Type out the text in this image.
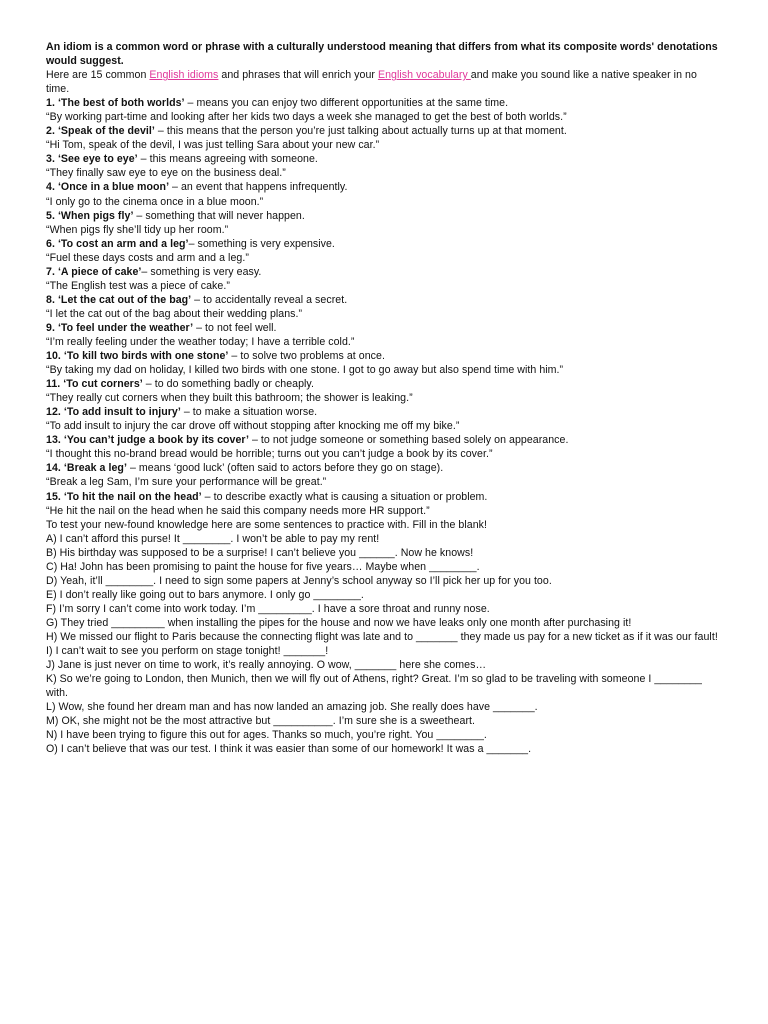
An idiom is a common word or phrase with a culturally understood meaning that differs from what its composite words' denotations would suggest.
Here are 15 common English idioms and phrases that will enrich your English vocabulary and make you sound like a native speaker in no time.
1. ‘The best of both worlds’ – means you can enjoy two different opportunities at the same time.
“By working part-time and looking after her kids two days a week she managed to get the best of both worlds.”
2. ‘Speak of the devil’ – this means that the person you’re just talking about actually turns up at that moment.
“Hi Tom, speak of the devil, I was just telling Sara about your new car.”
3. ‘See eye to eye’ – this means agreeing with someone.
“They finally saw eye to eye on the business deal.”
4. ‘Once in a blue moon’ – an event that happens infrequently.
“I only go to the cinema once in a blue moon.”
5. ‘When pigs fly’ – something that will never happen.
“When pigs fly she’ll tidy up her room.”
6. ‘To cost an arm and a leg’– something is very expensive.
“Fuel these days costs and arm and a leg.”
7. ‘A piece of cake’– something is very easy.
“The English test was a piece of cake.”
8. ‘Let the cat out of the bag’ – to accidentally reveal a secret.
“I let the cat out of the bag about their wedding plans.”
9. ‘To feel under the weather’ – to not feel well.
“I’m really feeling under the weather today; I have a terrible cold.”
10. ‘To kill two birds with one stone’ – to solve two problems at once.
“By taking my dad on holiday, I killed two birds with one stone. I got to go away but also spend time with him.”
11. ‘To cut corners’ – to do something badly or cheaply.
“They really cut corners when they built this bathroom; the shower is leaking.”
12. ‘To add insult to injury’ – to make a situation worse.
“To add insult to injury the car drove off without stopping after knocking me off my bike.”
13. ‘You can’t judge a book by its cover’ – to not judge someone or something based solely on appearance.
“I thought this no-brand bread would be horrible; turns out you can’t judge a book by its cover.”
14. ‘Break a leg’ – means ‘good luck’ (often said to actors before they go on stage).
“Break a leg Sam, I’m sure your performance will be great.”
15. ‘To hit the nail on the head’ – to describe exactly what is causing a situation or problem.
“He hit the nail on the head when he said this company needs more HR support.”
To test your new-found knowledge here are some sentences to practice with. Fill in the blank!
A) I can’t afford this purse! It ________. I won’t be able to pay my rent!
B) His birthday was supposed to be a surprise! I can’t believe you ______. Now he knows!
C) Ha! John has been promising to paint the house for five years… Maybe when ________.
D) Yeah, it’ll ________. I need to sign some papers at Jenny’s school anyway so I’ll pick her up for you too.
E) I don’t really like going out to bars anymore. I only go ________.
F) I’m sorry I can’t come into work today. I’m _________. I have a sore throat and runny nose.
G) They tried _________ when installing the pipes for the house and now we have leaks only one month after purchasing it!
H) We missed our flight to Paris because the connecting flight was late and to _______ they made us pay for a new ticket as if it was our fault!
I) I can’t wait to see you perform on stage tonight! _______!
J) Jane is just never on time to work, it’s really annoying. O wow, _______ here she comes…
K) So we’re going to London, then Munich, then we will fly out of Athens, right? Great. I’m so glad to be traveling with someone I ________ with.
L) Wow, she found her dream man and has now landed an amazing job. She really does have _______.
M) OK, she might not be the most attractive but __________. I’m sure she is a sweetheart.
N) I have been trying to figure this out for ages. Thanks so much, you’re right. You ________.
O) I can’t believe that was our test. I think it was easier than some of our homework! It was a _______.
